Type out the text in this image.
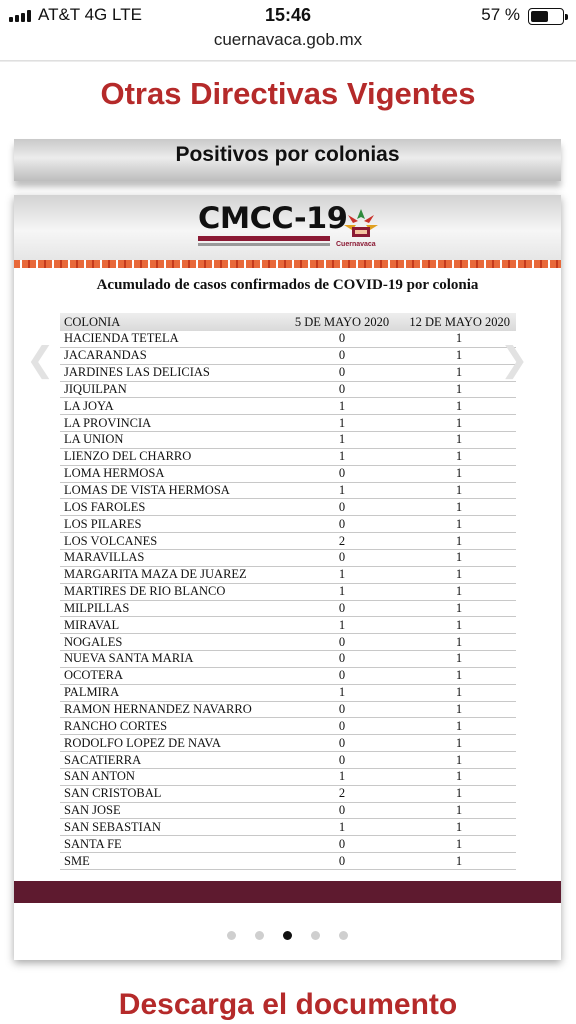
AT&T 4G LTE	15:46	57 %
cuernavaca.gob.mx
Otras Directivas Vigentes
Positivos por colonias
CMCC-19
Cuernavaca
Acumulado de casos confirmados de COVID-19 por colonia
COLONIA	5 DE MAYO 2020	12 DE MAYO 2020
HACIENDA TETELA	0	1
JACARANDAS	0	1
JARDINES LAS DELICIAS	0	1
JIQUILPAN	0	1
LA JOYA	1	1
LA PROVINCIA	1	1
LA UNION	1	1
LIENZO DEL CHARRO	1	1
LOMA HERMOSA	0	1
LOMAS DE VISTA HERMOSA	1	1
LOS FAROLES	0	1
LOS PILARES	0	1
LOS VOLCANES	2	1
MARAVILLAS	0	1
MARGARITA MAZA DE JUAREZ	1	1
MARTIRES DE RIO BLANCO	1	1
MILPILLAS	0	1
MIRAVAL	1	1
NOGALES	0	1
NUEVA SANTA MARIA	0	1
OCOTERA	0	1
PALMIRA	1	1
RAMON HERNANDEZ NAVARRO	0	1
RANCHO CORTES	0	1
RODOLFO LOPEZ DE NAVA	0	1
SACATIERRA	0	1
SAN ANTON	1	1
SAN CRISTOBAL	2	1
SAN JOSE	0	1
SAN SEBASTIAN	1	1
SANTA FE	0	1
SME	0	1
❮	❯
Descarga el documento
